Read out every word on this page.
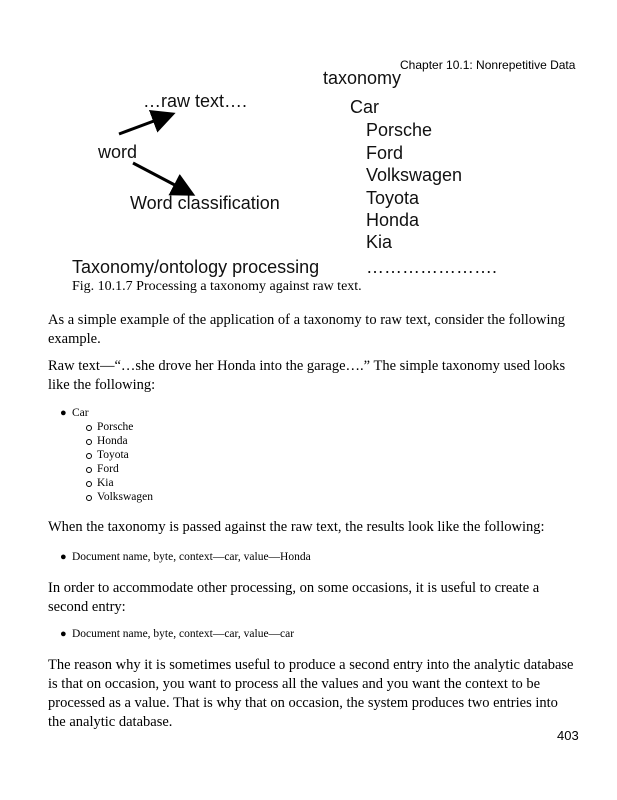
Chapter 10.1: Nonrepetitive Data
taxonomy
Car
Porsche
Ford
Volkswagen
Toyota
Honda
Kia
………………….
…raw text….
word
Word classification
Taxonomy/ontology processing
Fig. 10.1.7 Processing a taxonomy against raw text.

As a simple example of the application of a taxonomy to raw text, consider the following example.

Raw text—“…she drove her Honda into the garage….” The simple taxonomy used looks like the following:

● Car
Porsche
Honda
Toyota
Ford
Kia
Volkswagen

When the taxonomy is passed against the raw text, the results look like the following:

● Document name, byte, context—car, value—Honda

In order to accommodate other processing, on some occasions, it is useful to create a second entry:

● Document name, byte, context—car, value—car

The reason why it is sometimes useful to produce a second entry into the analytic database is that on occasion, you want to process all the values and you want the context to be processed as a value. That is why that on occasion, the system produces two entries into the analytic database.

403
